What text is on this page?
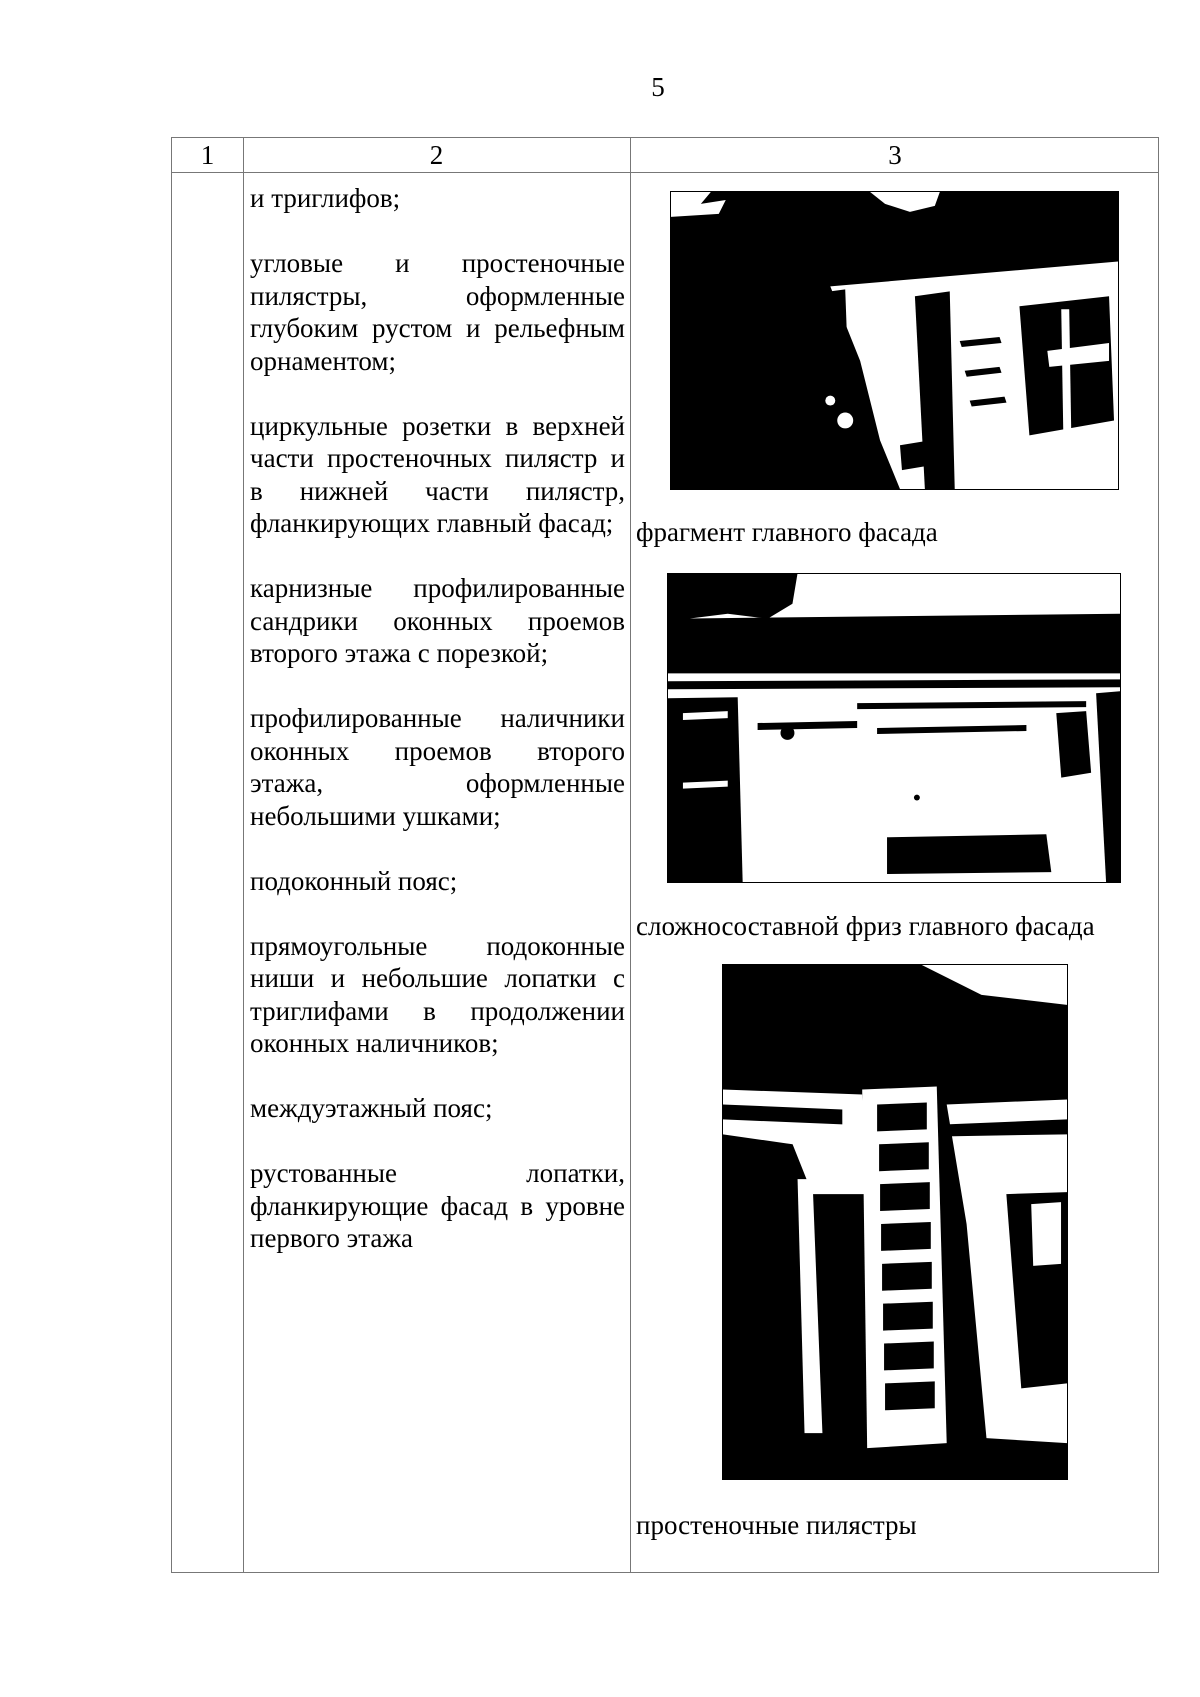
5
1	2	3

и триглифов;

угловые и простеночные пилястры, оформленные глубоким рустом и рельефным орнаментом;

циркульные розетки в верхней части простеночных пилястр и в нижней части пилястр, фланкирующих главный фасад;

карнизные профилированные сандрики оконных проемов второго этажа с порезкой;

профилированные наличники оконных проемов второго этажа, оформленные небольшими ушками;

подоконный пояс;

прямоугольные подоконные ниши и небольшие лопатки с триглифами в продолжении оконных наличников;

междуэтажный пояс;

рустованные лопатки, фланкирующие фасад в уровне первого этажа

фрагмент главного фасада
сложносоставной фриз главного фасада
простеночные пилястры
